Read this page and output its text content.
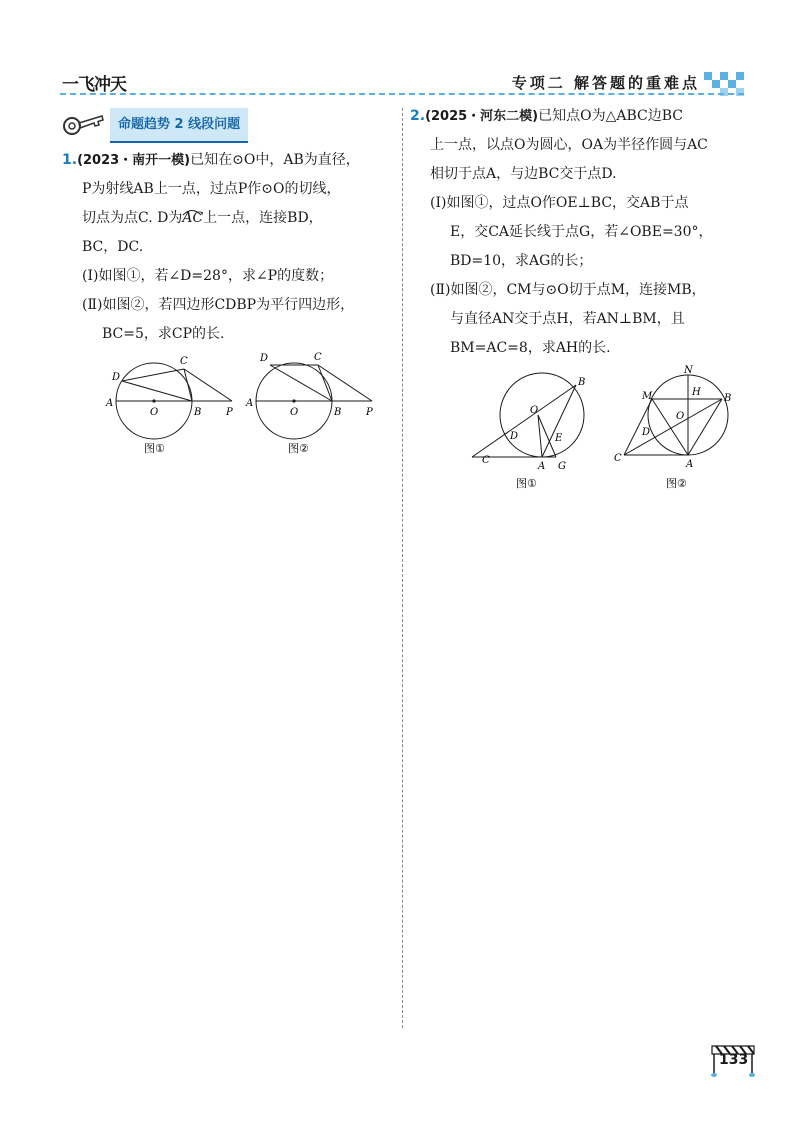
一飞冲天	专项二 解答题的重难点
命题趋势 2 线段问题

1.(2023・南开一模)已知在⊙O中，AB为直径，

P为射线AB上一点，过点P作⊙O的切线，

切点为点C. D为AC
上一点，连接BD，

BC，DC.

(Ⅰ)如图①，若∠D=28°，求∠P的度数；

(Ⅱ)如图②，若四边形CDBP为平行四边形，

BC=5，求CP的长.

A
O	B P
C
D
图①
A
O	B P
C
D
图②

2.(2025・河东二模)已知点O为△ABC边BC

上一点，以点O为圆心，OA为半径作圆与AC

相切于点A，与边BC交于点D.

(Ⅰ)如图①，过点O作OE⊥BC，交AB于点

E，交CA延长线于点G，若∠OBE=30°，

BD=10，求AG的长；

(Ⅱ)如图②，CM与⊙O切于点M，连接MB，

与直径AN交于点H，若AN⊥BM，且

BM=AC=8，求AH的长.

C
D
O
B
E
A G
图①
N
M	H
B
O
D
C
A
图②
133
